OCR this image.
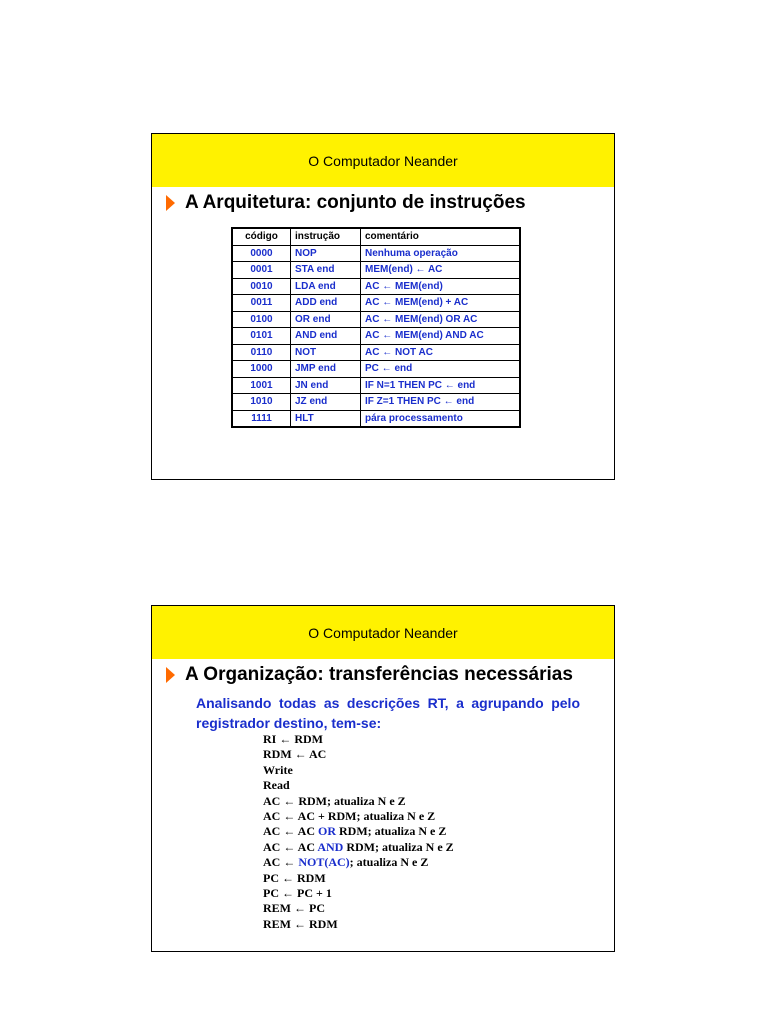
O Computador Neander
A Arquitetura: conjunto de instruções
código	instrução	comentário
0000	NOP	Nenhuma operação
0001	STA end	MEM(end) ← AC
0010	LDA end	AC ← MEM(end)
0011	ADD end	AC ← MEM(end) + AC
0100	OR end	AC ← MEM(end) OR AC
0101	AND end	AC ← MEM(end) AND AC
0110	NOT	AC ← NOT AC
1000	JMP end	PC ← end
1001	JN end	IF N=1 THEN PC ← end
1010	JZ end	IF Z=1 THEN PC ← end
1111	HLT	pára processamento
O Computador Neander
A Organização: transferências necessárias
Analisando todas as descrições RT, a agrupando pelo registrador destino, tem-se:
RI ← RDM
RDM ← AC
Write
Read
AC ← RDM; atualiza N e Z
AC ← AC + RDM; atualiza N e Z
AC ← AC OR RDM; atualiza N e Z
AC ← AC AND RDM; atualiza N e Z
AC ← NOT(AC); atualiza N e Z
PC ← RDM
PC ← PC + 1
REM ← PC
REM ← RDM
